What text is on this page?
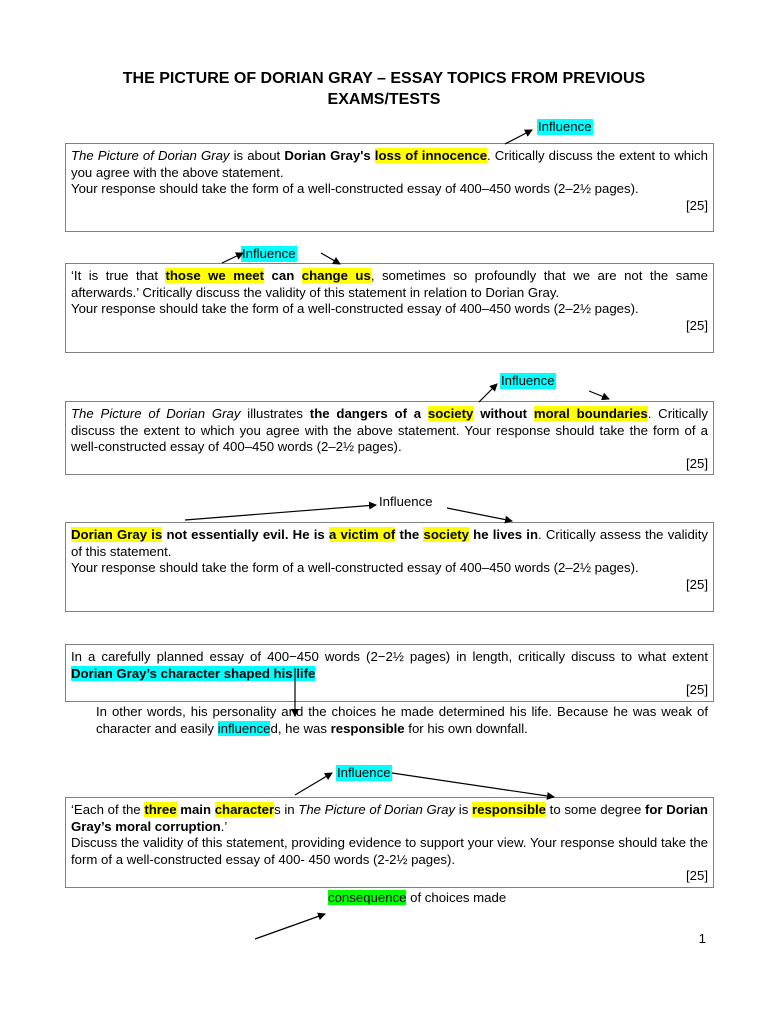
THE PICTURE OF DORIAN GRAY – ESSAY TOPICS FROM PREVIOUS
EXAMS/TESTS
Influence
Influence
Influence
Influence
Influence
consequence of choices made

The Picture of Dorian Gray is about Dorian Gray's loss of innocence. Critically discuss the extent to which you agree with the above statement.

Your response should take the form of a well-constructed essay of 400–450 words (2–2½ pages).

[25]

‘It is true that those we meet can change us, sometimes so profoundly that we are not the same afterwards.’ Critically discuss the validity of this statement in relation to Dorian Gray.

Your response should take the form of a well-constructed essay of 400–450 words (2–2½ pages).

[25]

The Picture of Dorian Gray illustrates the dangers of a society without moral boundaries. Critically discuss the extent to which you agree with the above statement. Your response should take the form of a well-constructed essay of 400–450 words (2–2½ pages).

[25]

Dorian Gray is not essentially evil. He is a victim of the society he lives in. Critically assess the validity of this statement.

Your response should take the form of a well-constructed essay of 400–450 words (2–2½ pages).

[25]

In a carefully planned essay of 400−450 words (2−2½ pages) in length, critically discuss to what extent Dorian Gray’s character shaped his life

[25]

In other words, his personality and the choices he made determined his life. Because he was weak of character and easily influenced, he was responsible for his own downfall.

‘Each of the three main characters in The Picture of Dorian Gray is responsible to some degree for Dorian Gray’s moral corruption.’

Discuss the validity of this statement, providing evidence to support your view. Your response should take the form of a well-constructed essay of 400- 450 words (2-2½ pages).

[25]

1
